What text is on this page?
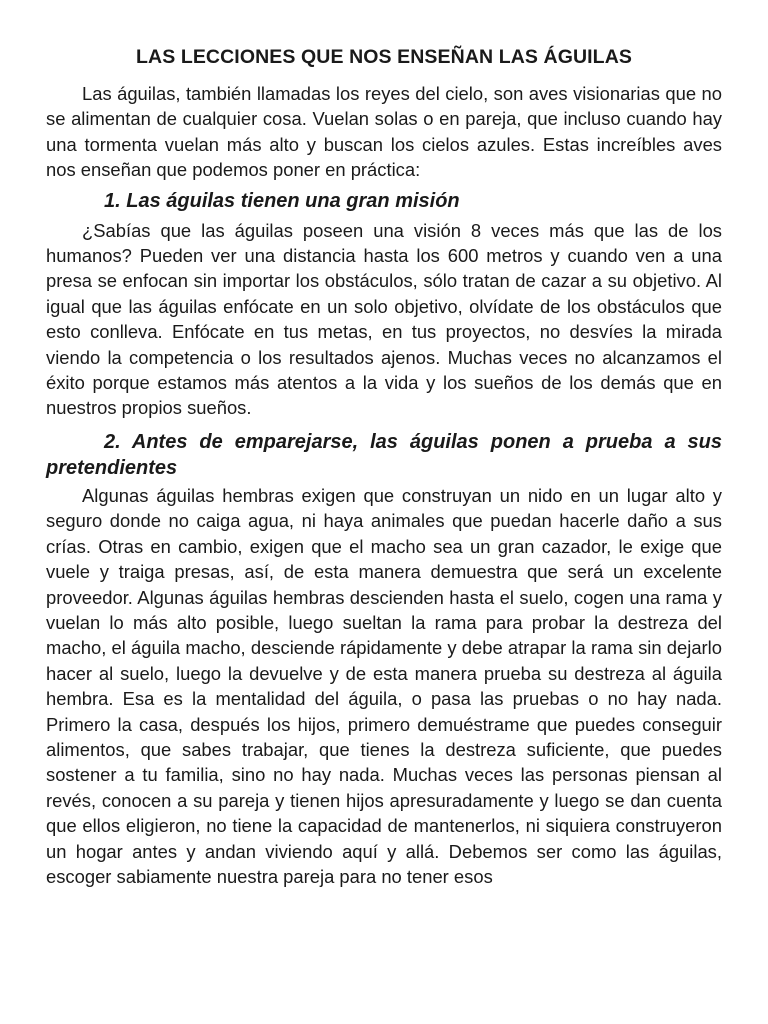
LAS LECCIONES QUE NOS ENSEÑAN LAS ÁGUILAS

Las águilas, también llamadas los reyes del cielo, son aves visionarias que no se alimentan de cualquier cosa. Vuelan solas o en pareja, que incluso cuando hay una tormenta vuelan más alto y buscan los cielos azules. Estas increíbles aves nos enseñan que podemos poner en práctica:

1. Las águilas tienen una gran misión

¿Sabías que las águilas poseen una visión 8 veces más que las de los humanos? Pueden ver una distancia hasta los 600 metros y cuando ven a una presa se enfocan sin importar los obstáculos, sólo tratan de cazar a su objetivo. Al igual que las águilas enfócate en un solo objetivo, olvídate de los obstáculos que esto conlleva. Enfócate en tus metas, en tus proyectos, no desvíes la mirada viendo la competencia o los resultados ajenos. Muchas veces no alcanzamos el éxito porque estamos más atentos a la vida y los sueños de los demás que en nuestros propios sueños.

2. Antes de emparejarse, las águilas ponen a prueba a sus pretendientes

Algunas águilas hembras exigen que construyan un nido en un lugar alto y seguro donde no caiga agua, ni haya animales que puedan hacerle daño a sus crías. Otras en cambio, exigen que el macho sea un gran cazador, le exige que vuele y traiga presas, así, de esta manera demuestra que será un excelente proveedor. Algunas águilas hembras descienden hasta el suelo, cogen una rama y vuelan lo más alto posible, luego sueltan la rama para probar la destreza del macho, el águila macho, desciende rápidamente y debe atrapar la rama sin dejarlo hacer al suelo, luego la devuelve y de esta manera prueba su destreza al águila hembra. Esa es la mentalidad del águila, o pasa las pruebas o no hay nada. Primero la casa, después los hijos, primero demuéstrame que puedes conseguir alimentos, que sabes trabajar, que tienes la destreza suficiente, que puedes sostener a tu familia, sino no hay nada. Muchas veces las personas piensan al revés, conocen a su pareja y tienen hijos apresuradamente y luego se dan cuenta que ellos eligieron, no tiene la capacidad de mantenerlos, ni siquiera construyeron un hogar antes y andan viviendo aquí y allá. Debemos ser como las águilas, escoger sabiamente nuestra pareja para no tener esos
